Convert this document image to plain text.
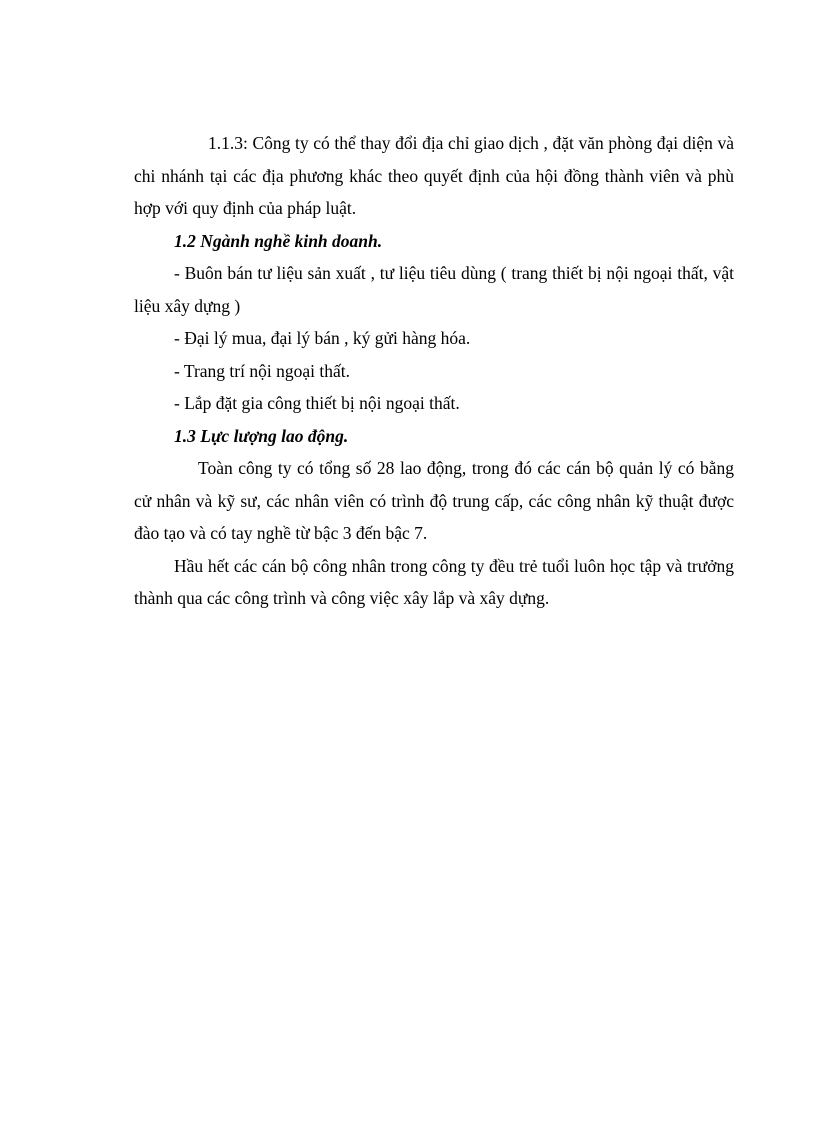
1.1.3: Công ty có thể thay đổi địa chỉ giao dịch , đặt văn phòng đại diện và chi nhánh tại các địa phương khác theo quyết định của hội đồng thành viên và phù hợp với quy định của pháp luật.

1.2 Ngành nghề kinh doanh.

- Buôn bán tư liệu sản xuất , tư liệu tiêu dùng ( trang thiết bị nội ngoại thất, vật liệu xây dựng )

- Đại lý mua, đại lý bán , ký gửi hàng hóa.

- Trang trí nội ngoại thất.

- Lắp đặt gia công thiết bị nội ngoại thất.

1.3 Lực lượng lao động.

Toàn công ty có tổng số 28 lao động, trong đó các cán bộ quản lý có bằng cử nhân và kỹ sư, các nhân viên có trình độ trung cấp, các công nhân kỹ thuật được đào tạo và có tay nghề từ bậc 3 đến bậc 7.

Hầu hết các cán bộ công nhân trong công ty đều trẻ tuổi luôn học tập và trưởng thành qua các công trình và công việc xây lắp và xây dựng.
